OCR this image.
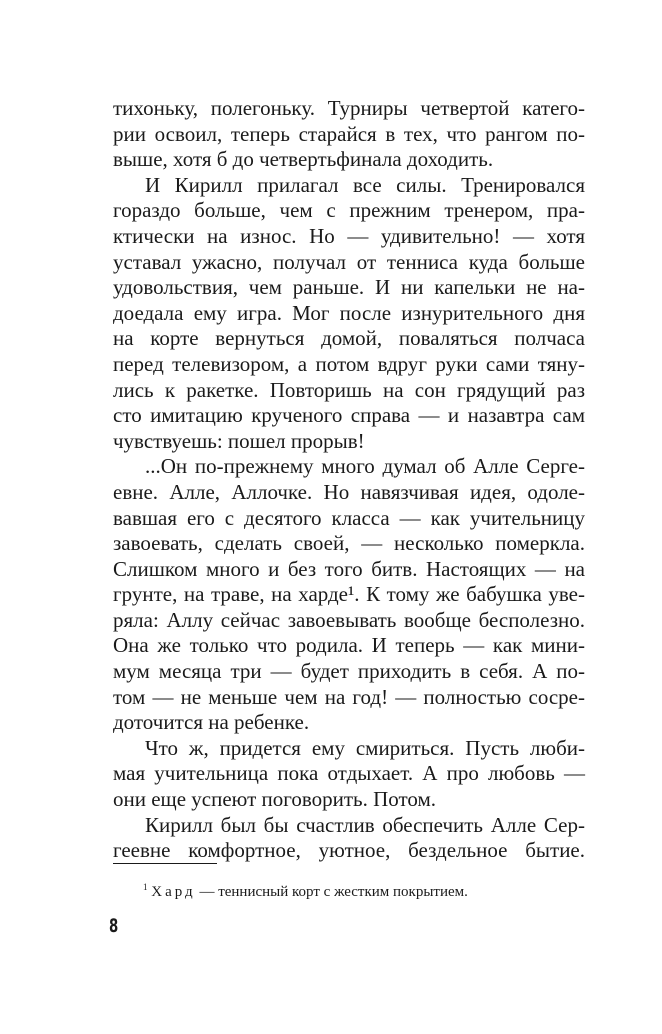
тихоньку, полегоньку. Турниры четвертой катего-
рии освоил, теперь старайся в тех, что рангом по-
выше, хотя б до четвертьфинала доходить.
И Кирилл прилагал все силы. Тренировался
гораздо больше, чем с прежним тренером, пра-
ктически на износ. Но — удивительно! — хотя
уставал ужасно, получал от тенниса куда больше
удовольствия, чем раньше. И ни капельки не на-
доедала ему игра. Мог после изнурительного дня
на корте вернуться домой, поваляться полчаса
перед телевизором, а потом вдруг руки сами тяну-
лись к ракетке. Повторишь на сон грядущий раз
сто имитацию крученого справа — и назавтра сам
чувствуешь: пошел прорыв!
...Он по-прежнему много думал об Алле Серге-
евне. Алле, Аллочке. Но навязчивая идея, одоле-
вавшая его с десятого класса — как учительницу
завоевать, сделать своей, — несколько померкла.
Слишком много и без того битв. Настоящих — на
грунте, на траве, на харде¹. К тому же бабушка уве-
ряла: Аллу сейчас завоевывать вообще бесполезно.
Она же только что родила. И теперь — как мини-
мум месяца три — будет приходить в себя. А по-
том — не меньше чем на год! — полностью сосре-
доточится на ребенке.
Что ж, придется ему смириться. Пусть люби-
мая учительница пока отдыхает. А про любовь —
они еще успеют поговорить. Потом.
Кирилл был бы счастлив обеспечить Алле Сер-
геевне комфортное, уютное, бездельное бытие.
$^1$ Хард — теннисный корт с жестким покрытием.
8
